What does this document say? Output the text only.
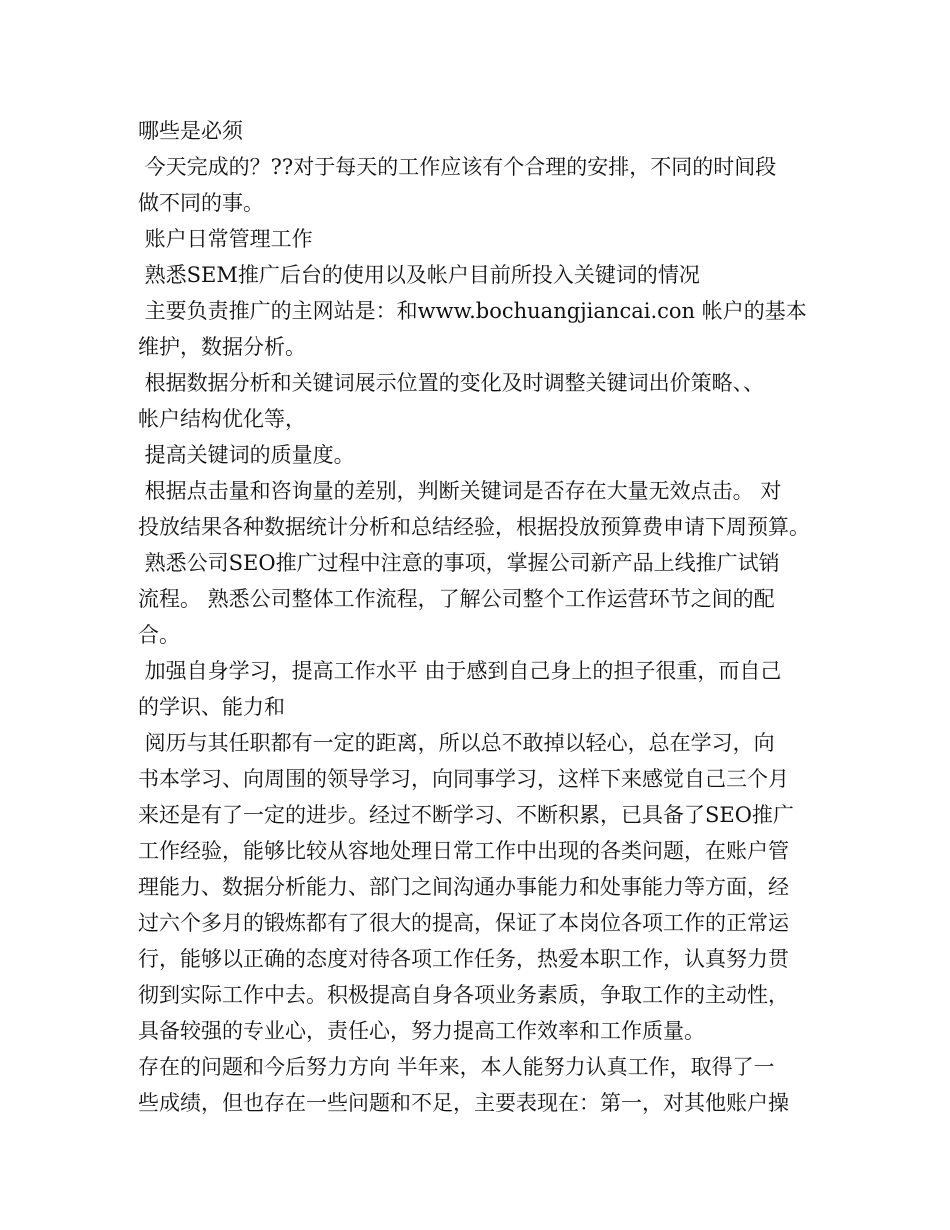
哪些是必须
今天完成的？??对于每天的工作应该有个合理的安排，不同的时间段
做不同的事。
账户日常管理工作
熟悉SEM推广后台的使用以及帐户目前所投入关键词的情况
主要负责推广的主网站是：和www.bochuangjiancai.con 帐户的基本
维护，数据分析。
根据数据分析和关键词展示位置的变化及时调整关键词出价策略、、
帐户结构优化等，
提高关键词的质量度。
根据点击量和咨询量的差别，判断关键词是否存在大量无效点击。 对
投放结果各种数据统计分析和总结经验，根据投放预算费申请下周预算。
熟悉公司SEO推广过程中注意的事项，掌握公司新产品上线推广试销
流程。 熟悉公司整体工作流程，了解公司整个工作运营环节之间的配
合。
加强自身学习，提高工作水平 由于感到自己身上的担子很重，而自己
的学识、能力和
阅历与其任职都有一定的距离，所以总不敢掉以轻心，总在学习，向
书本学习、向周围的领导学习，向同事学习，这样下来感觉自己三个月
来还是有了一定的进步。经过不断学习、不断积累，已具备了SEO推广
工作经验，能够比较从容地处理日常工作中出现的各类问题，在账户管
理能力、数据分析能力、部门之间沟通办事能力和处事能力等方面，经
过六个多月的锻炼都有了很大的提高，保证了本岗位各项工作的正常运
行，能够以正确的态度对待各项工作任务，热爱本职工作，认真努力贯
彻到实际工作中去。积极提高自身各项业务素质，争取工作的主动性，
具备较强的专业心，责任心，努力提高工作效率和工作质量。
存在的问题和今后努力方向 半年来，本人能努力认真工作，取得了一
些成绩，但也存在一些问题和不足，主要表现在：第一，对其他账户操
